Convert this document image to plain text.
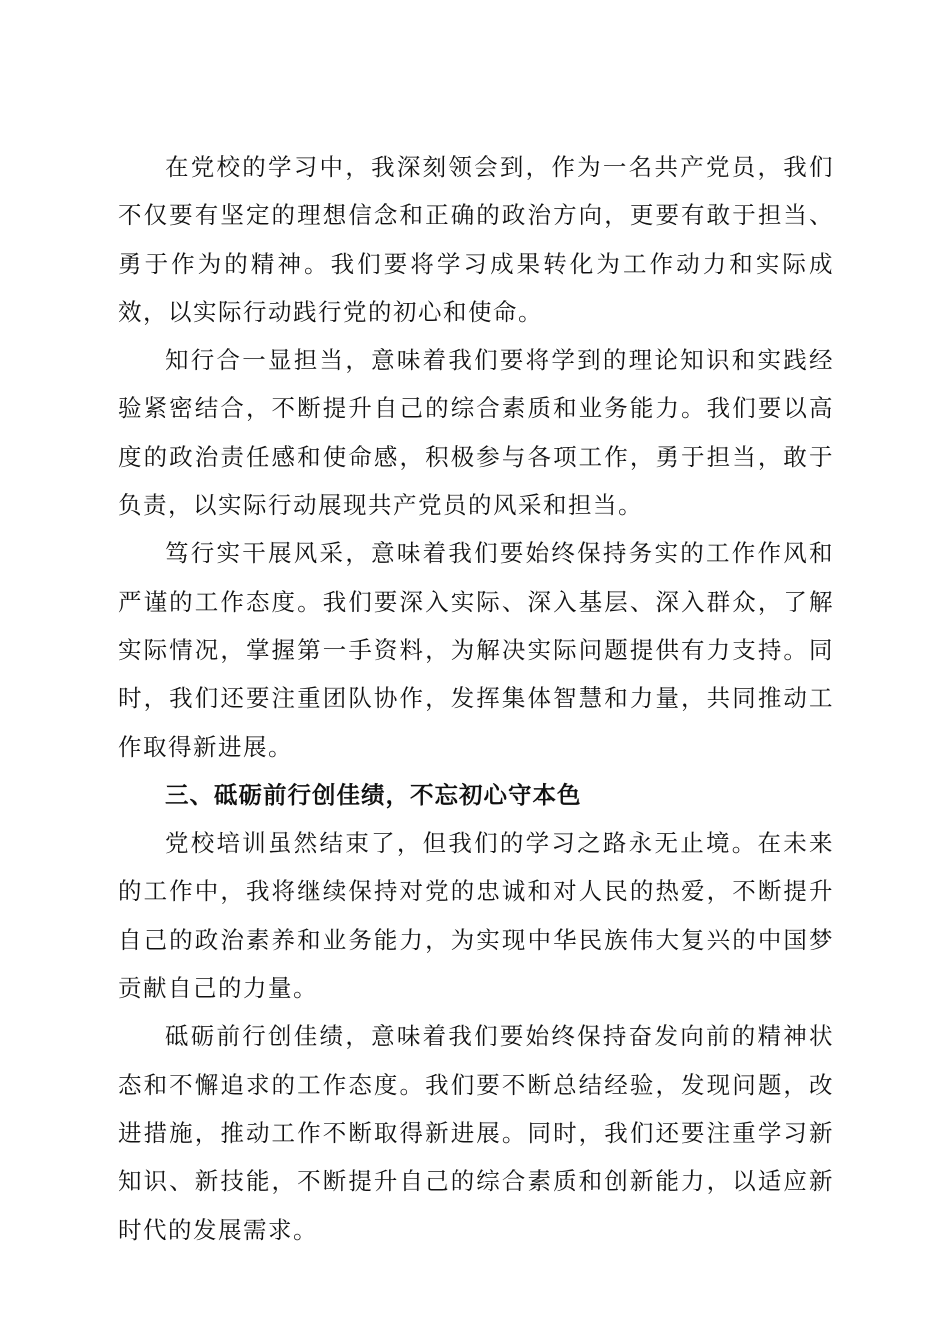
在党校的学习中，我深刻领会到，作为一名共产党员，我们不仅要有坚定的理想信念和正确的政治方向，更要有敢于担当、勇于作为的精神。我们要将学习成果转化为工作动力和实际成效，以实际行动践行党的初心和使命。

知行合一显担当，意味着我们要将学到的理论知识和实践经验紧密结合，不断提升自己的综合素质和业务能力。我们要以高度的政治责任感和使命感，积极参与各项工作，勇于担当，敢于负责，以实际行动展现共产党员的风采和担当。

笃行实干展风采，意味着我们要始终保持务实的工作作风和严谨的工作态度。我们要深入实际、深入基层、深入群众，了解实际情况，掌握第一手资料，为解决实际问题提供有力支持。同时，我们还要注重团队协作，发挥集体智慧和力量，共同推动工作取得新进展。

三、砥砺前行创佳绩，不忘初心守本色

党校培训虽然结束了，但我们的学习之路永无止境。在未来的工作中，我将继续保持对党的忠诚和对人民的热爱，不断提升自己的政治素养和业务能力，为实现中华民族伟大复兴的中国梦贡献自己的力量。

砥砺前行创佳绩，意味着我们要始终保持奋发向前的精神状态和不懈追求的工作态度。我们要不断总结经验，发现问题，改进措施，推动工作不断取得新进展。同时，我们还要注重学习新知识、新技能，不断提升自己的综合素质和创新能力，以适应新时代的发展需求。
